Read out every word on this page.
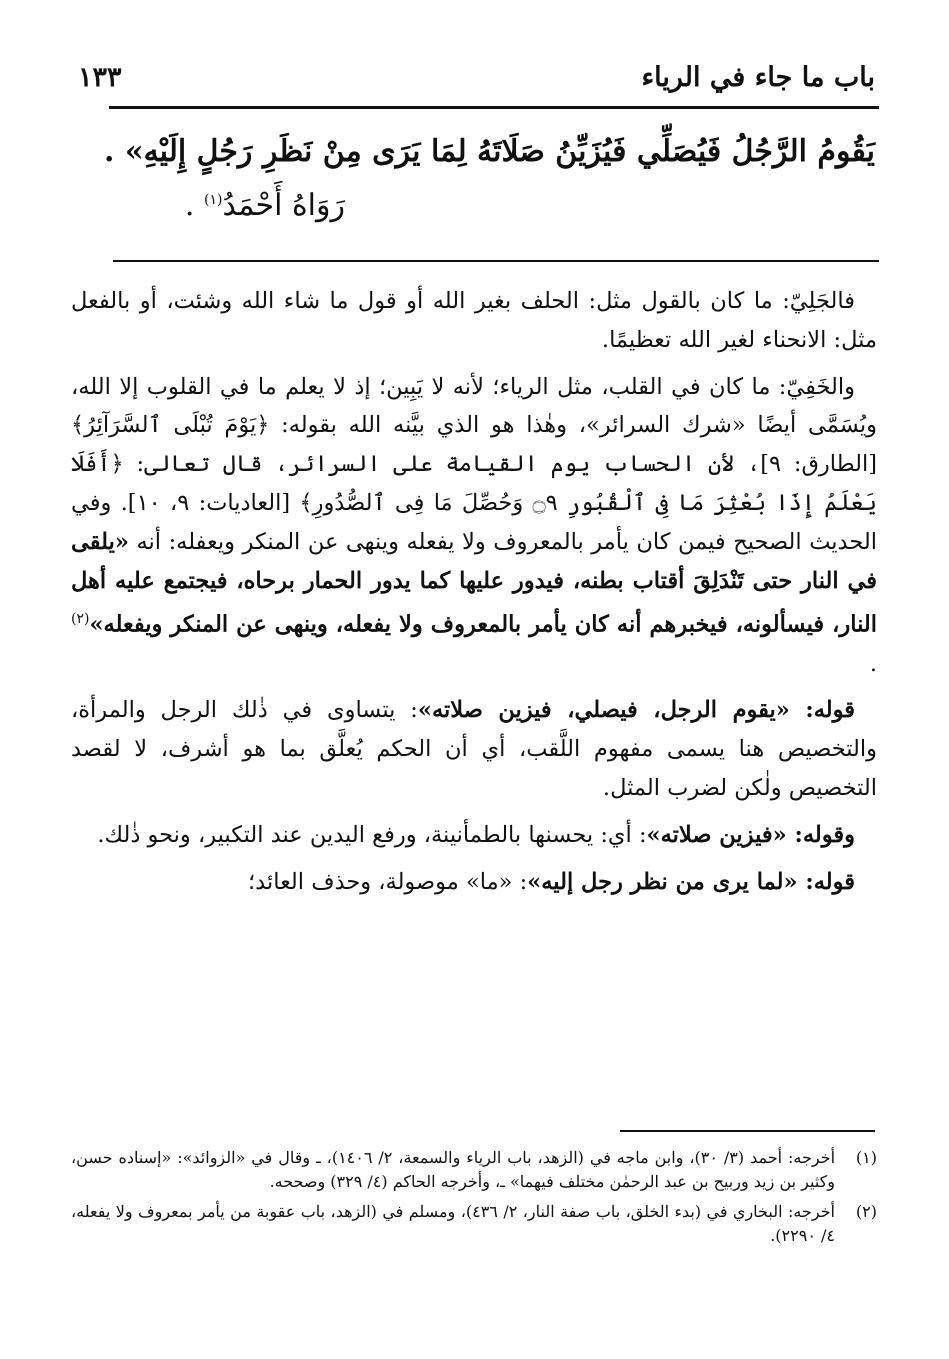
باب ما جاء في الرياء
١٣٣
يَقُومُ الرَّجُلُ فَيُصَلِّي فَيُزَيِّنُ صَلَاتَهُ لِمَا يَرَى مِنْ نَظَرِ رَجُلٍ إِلَيْهِ» .
رَوَاهُ أَحْمَدُ$^{(١)}$ .

فالجَلِيّ: ما كان بالقول مثل: الحلف بغير الله أو قول ما شاء الله وشئت، أو بالفعل مثل: الانحناء لغير الله تعظيمًا.

والخَفِيّ: ما كان في القلب، مثل الرياء؛ لأنه لا يَبِين؛ إذ لا يعلم ما في القلوب إلا الله، ويُسَمَّى أيضًا «شرك السرائر»، وهٰذا هو الذي بيَّنه الله بقوله: ﴿يَوْمَ تُبْلَى ٱلسَّرَآئِرُ﴾ [الطارق: ٩]، لأن الحساب يوم القيامة على السرائر، قال تعالى: ﴿أَفَلَا يَعْلَمُ إِذَا بُعْثِرَ مَا فِى ٱلْقُبُورِ ۝٩ وَحُصِّلَ مَا فِى ٱلصُّدُورِ﴾ [العاديات: ٩، ١٠]. وفي الحديث الصحيح فيمن كان يأمر بالمعروف ولا يفعله وينهى عن المنكر ويعفله: أنه «يلقى في النار حتى تَنْدَلِقَ أقتاب بطنه، فيدور عليها كما يدور الحمار برحاه، فيجتمع عليه أهل النار، فيسألونه، فيخبرهم أنه كان يأمر بالمعروف ولا يفعله، وينهى عن المنكر ويفعله»$^{(٢)}$ .

قوله: «يقوم الرجل، فيصلي، فيزين صلاته»: يتساوى في ذٰلك الرجل والمرأة، والتخصيص هنا يسمى مفهوم اللَّقب، أي أن الحكم يُعلَّق بما هو أشرف، لا لقصد التخصيص ولٰكن لضرب المثل.

وقوله: «فيزين صلاته»: أي: يحسنها بالطمأنينة، ورفع اليدين عند التكبير، ونحو ذٰلك.

قوله: «لما يرى من نظر رجل إليه»: «ما» موصولة، وحذف العائد؛

(١)
أخرجه: أحمد (٣/ ٣٠)، وابن ماجه في (الزهد، باب الرياء والسمعة، ٢/ ١٤٠٦)، ـ وقال في «الزوائد»: «إسناده حسن، وكثير بن زيد وربيح بن عبد الرحمٰن مختلف فيهما» ـ، وأخرجه الحاكم (٤/ ٣٢٩) وصححه.
(٢)
أخرجه: البخاري في (بدء الخلق، باب صفة النار، ٢/ ٤٣٦)، ومسلم في (الزهد، باب عقوبة من يأمر بمعروف ولا يفعله، ٤/ ٢٢٩٠).
